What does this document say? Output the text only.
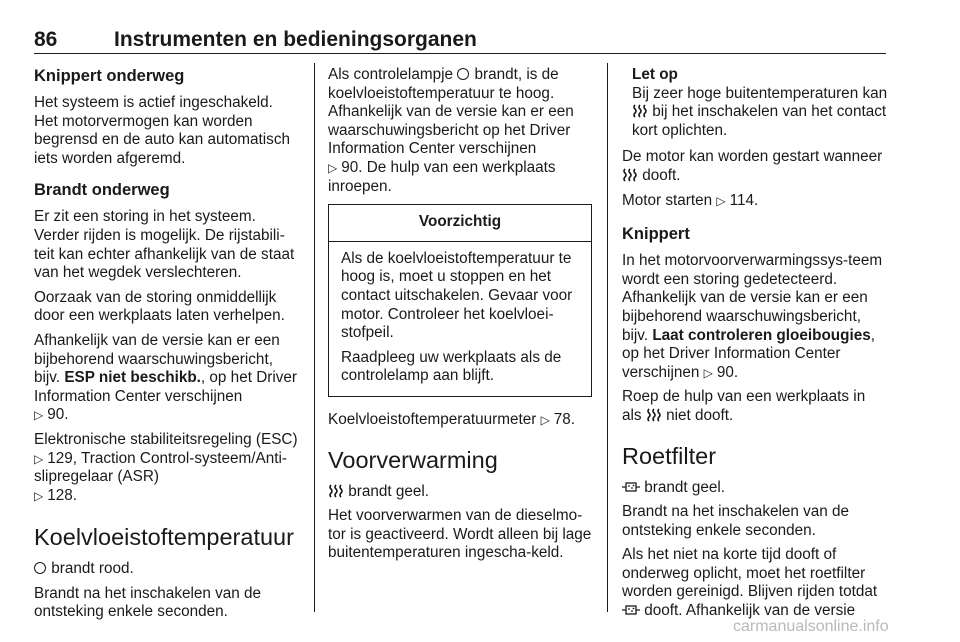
86	Instrumenten en bedieningsorganen
Knippert onderweg

Het systeem is actief ingeschakeld. Het motorvermogen kan worden begrensd en de auto kan automatisch iets worden afgeremd.

Brandt onderweg

Er zit een storing in het systeem. Verder rijden is mogelijk. De rijstabili-teit kan echter afhankelijk van de staat van het wegdek verslechteren.

Oorzaak van de storing onmiddellijk door een werkplaats laten verhelpen.

Afhankelijk van de versie kan er een bijbehorend waarschuwingsbericht, bijv. ESP niet beschikb., op het Driver Information Center verschijnen
▷ 90.

Elektronische stabiliteitsregeling (ESC) ▷ 129, Traction Control-systeem/Anti-slipregelaar (ASR)
▷ 128.

Koelvloeistoftemperatuur

brandt rood.

Brandt na het inschakelen van de ontsteking enkele seconden.

Als controlelampje brandt, is de koelvloeistoftemperatuur te hoog. Afhankelijk van de versie kan er een waarschuwingsbericht op het Driver Information Center verschijnen
▷ 90. De hulp van een werkplaats inroepen.

Voorzichtig

Als de koelvloeistoftemperatuur te hoog is, moet u stoppen en het contact uitschakelen. Gevaar voor motor. Controleer het koelvloei-stofpeil.

Raadpleeg uw werkplaats als de controlelamp aan blijft.

Koelvloeistoftemperatuurmeter ▷ 78.

Voorverwarming

brandt geel.

Het voorverwarmen van de dieselmo-tor is geactiveerd. Wordt alleen bij lage buitentemperaturen ingescha-keld.

Let op
Bij zeer hoge buitentemperaturen kan
bij het inschakelen van het contact kort oplichten.

De motor kan worden gestart wanneer
dooft.

Motor starten ▷ 114.

Knippert

In het motorvoorverwarmingssys-teem wordt een storing gedetecteerd. Afhankelijk van de versie kan er een bijbehorend waarschuwingsbericht, bijv. Laat controleren gloeibougies, op het Driver Information Center verschijnen ▷ 90.

Roep de hulp van een werkplaats in als niet dooft.

Roetfilter

brandt geel.

Brandt na het inschakelen van de ontsteking enkele seconden.

Als het niet na korte tijd dooft of onderweg oplicht, moet het roetfilter worden gereinigd. Blijven rijden totdat

dooft. Afhankelijk van de versie

carmanualsonline.info
